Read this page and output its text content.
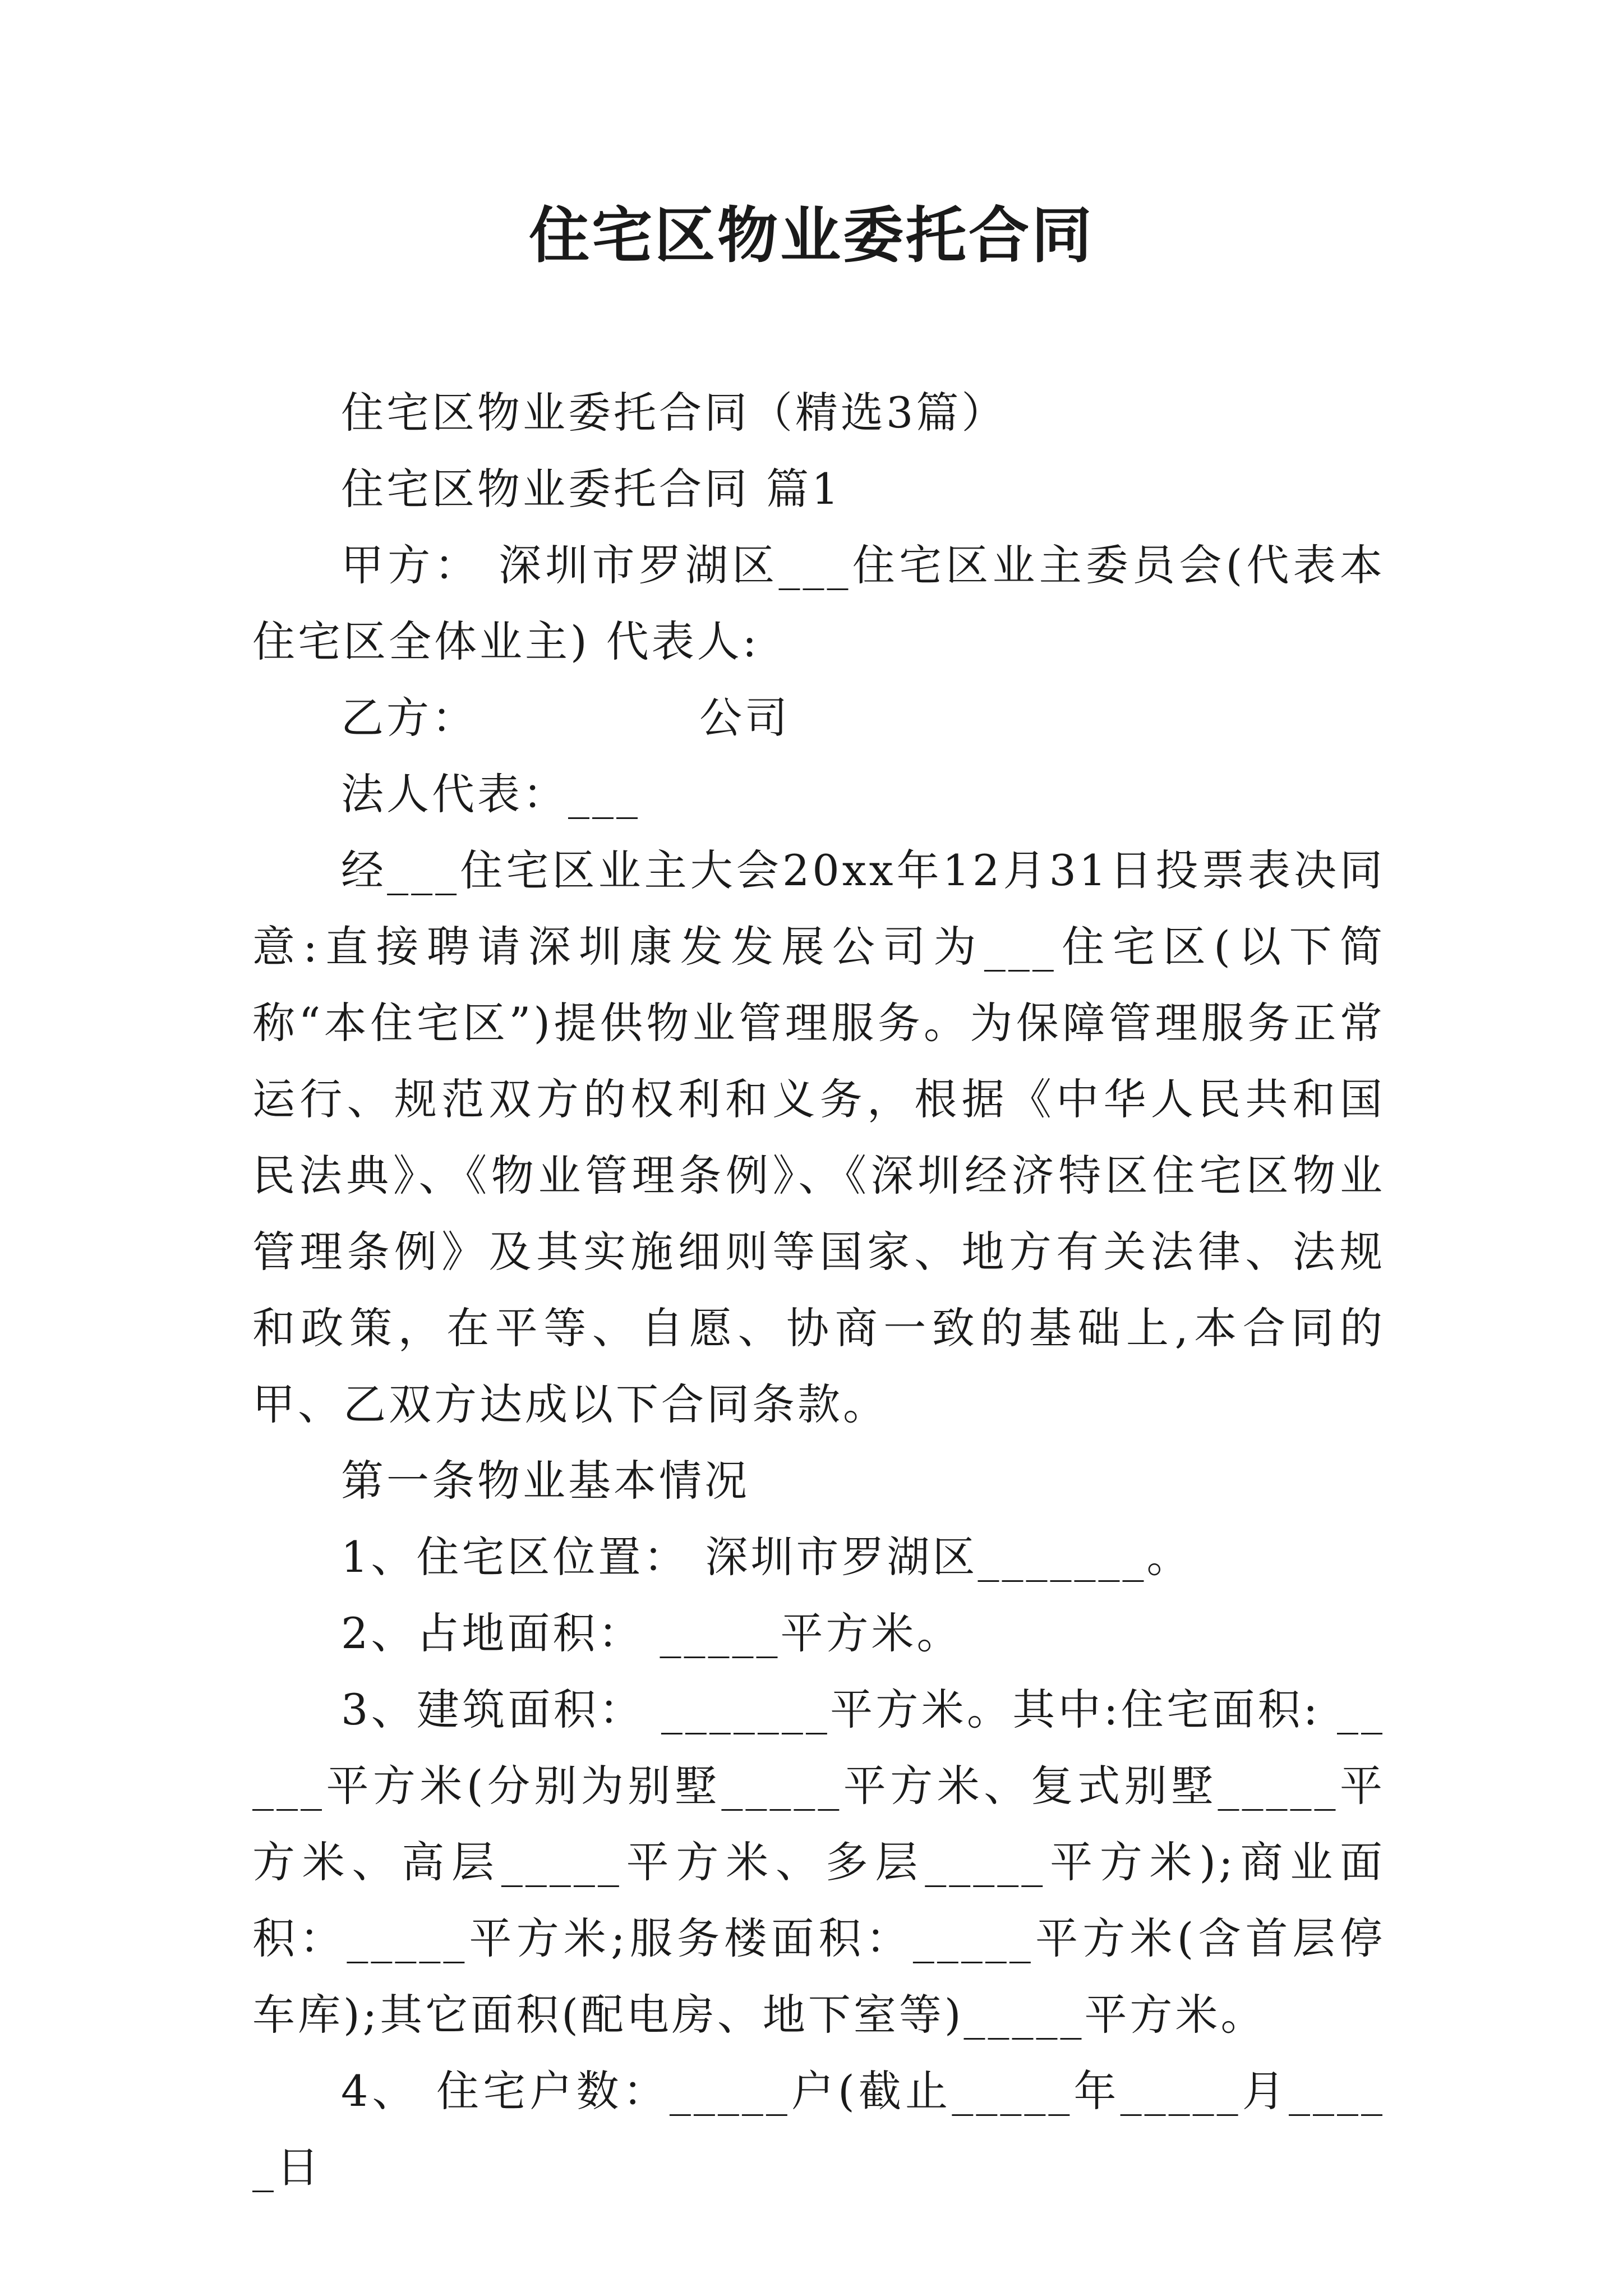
住宅区物业委托合同

住宅区物业委托合同（精选3篇）

住宅区物业委托合同 篇1

甲方： 深圳市罗湖区___住宅区业主委员会(代表本住宅区全体业主) 代表人:

乙方：　　　　　 公司

法人代表：___

经___住宅区业主大会20xx年12月31日投票表决同意:直接聘请深圳康发发展公司为___住宅区(以下简称“本住宅区”)提供物业管理服务。为保障管理服务正常运行、规范双方的权利和义务，根据《中华人民共和国民法典》、《物业管理条例》、《深圳经济特区住宅区物业管理条例》及其实施细则等国家、地方有关法律、法规和政策，在平等、自愿、协商一致的基础上,本合同的甲、乙双方达成以下合同条款。

第一条物业基本情况

1、住宅区位置： 深圳市罗湖区_______。

2、占地面积： _____平方米。

3、建筑面积： _______平方米。其中:住宅面积: _____平方米(分别为别墅_____平方米、复式别墅_____平方米、高层_____平方米、多层_____平方米);商业面积：_____平方米;服务楼面积：_____平方米(含首层停车库);其它面积(配电房、地下室等)_____平方米。

4、 住宅户数：_____户(截止_____年_____月_____日
